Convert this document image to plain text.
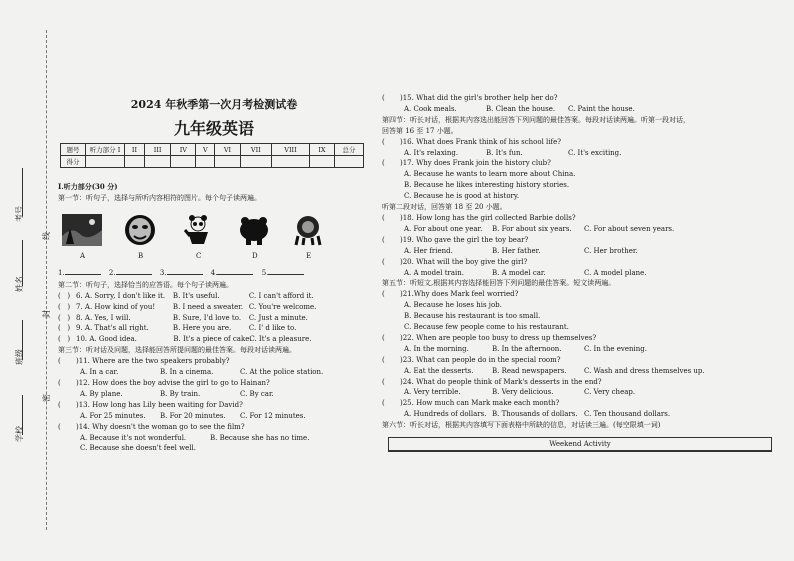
学校
班级
姓名
考号
密
封
线
2024 年秋季第一次月考检测试卷
九年级英语
题号	听力部分 I	II	III	IV	V	VI	VII	VIII	IX	总分
得分										
I.听力部分(30 分)
第一节：听句子，选择与所听内容相符的图片。每个句子读两遍。
A	B	C	D	E
1.	2.	3.	4.	5.
第二节：听句子，选择恰当的应答语。每个句子读两遍。
(   ) 6. A. Sorry, I don't like it. B. It's useful.	C. I can't afford it.
(   ) 7. A. How kind of you!	B. I need a sweater. C. You're welcome.
(   ) 8. A. Yes, I will.	B. Sure, I'd love to. C. Just a minute.
(   ) 9. A. That's all right.	B. Here you are.	C. I' d like to.
(   ) 10. A. Good idea.	B. It's a piece of cake.C. It's a pleasure.
第三节：听对话及问题，选择能回答所提问题的最佳答案。每段对话读两遍。
(   )11. Where are the two speakers probably?
A. In a car.	B. In a cinema.	C. At the police station.
(   )12. How does the boy advise the girl to go to Hainan?
A. By plane.	B. By train.	C. By car.
(   )13. How long has Lily been waiting for David?
A. For 25 minutes. B. For 20 minutes. C. For 12 minutes.
(   )14. Why doesn't the woman go to see the film?
A. Because it's not wonderful.	B. Because she has no time.
C. Because she doesn't feel well.
(   )15. What did the girl's brother help her do?
A. Cook meals.	B. Clean the house. C. Paint the house.
第四节：听长对话，根据其内容选出能回答下列问题的最佳答案。每段对话读两遍。听第一段对话，
回答第 16 至 17 小题。
(   )16. What does Frank think of his school life?
A. It's relaxing.	B. It's fun.	C. It's exciting.
(   )17. Why does Frank join the history club?
A. Because he wants to learn more about China.
B. Because he likes interesting history stories.
C. Because he is good at history.
听第二段对话，回答第 18 至 20 小题。
(   )18. How long has the girl collected Barbie dolls?
A. For about one year. B. For about six years. C. For about seven years.
(   )19. Who gave the girl the toy bear?
A. Her friend.	B. Her father.	C. Her brother.
(   )20. What will the boy give the girl?
A. A model train.	B. A model car.	C. A model plane.
第五节：听短文,根据其内容选择能回答下列问题的最佳答案。短文读两遍。
(   )21.Why does Mark feel worried?
A. Because he loses his job.
B. Because his restaurant is too small.
C. Because few people come to his restaurant.
(   )22. When are people too busy to dress up themselves?
A. In the morning.	B. In the afternoon.	C. In the evening.
(   )23. What can people do in the special room?
A. Eat the desserts.	B. Read newspapers. C. Wash and dress themselves up.
(   )24. What do people think of Mark's desserts in the end?
A. Very terrible.	B. Very delicious.	C. Very cheap.
(   )25. How much can Mark make each month?
A. Hundreds of dollars. B. Thousands of dollars. C. Ten thousand dollars.
第六节：听长对话，根据其内容填写下面表格中所缺的信息，对话读三遍。(每空限填一词)
Weekend Activity
